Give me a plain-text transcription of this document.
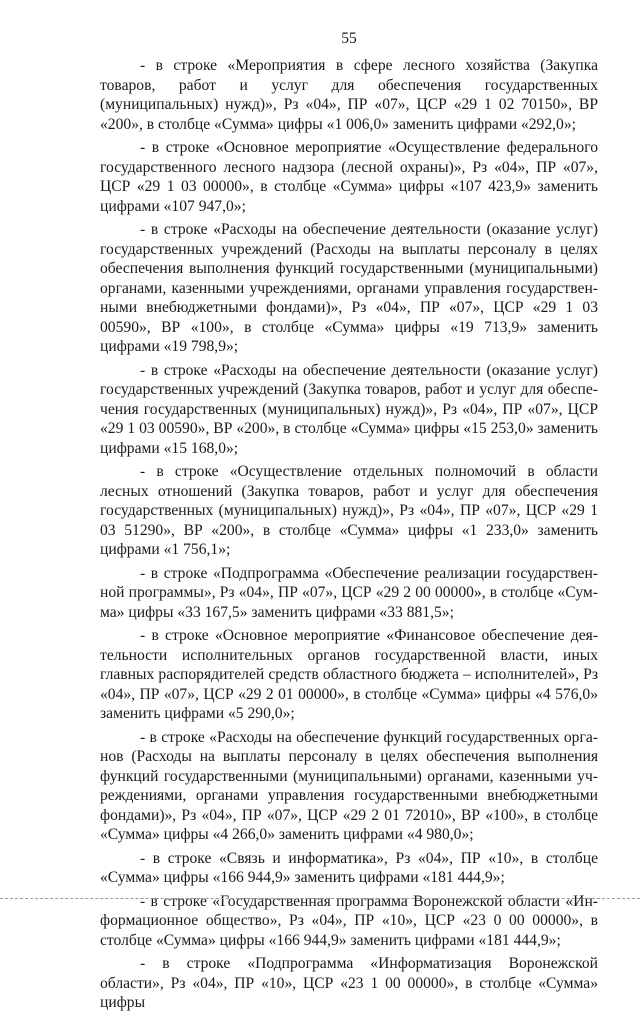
55

- в строке «Мероприятия в сфере лесного хозяйства (Закупка товаров, работ и услуг для обеспечения государственных (муниципальных) нужд)», Рз «04», ПР «07», ЦСР «29 1 02 70150», ВР «200», в столбце «Сумма» цифры «1 006,0» заменить цифрами «292,0»;

- в строке «Основное мероприятие «Осуществление федерального государственного лесного надзора (лесной охраны)», Рз «04», ПР «07», ЦСР «29 1 03 00000», в столбце «Сумма» цифры «107 423,9» заменить цифрами «107 947,0»;

- в строке «Расходы на обеспечение деятельности (оказание услуг) государственных учреждений (Расходы на выплаты персоналу в целях обеспечения выполнения функций государственными (муниципальными) органами, казенными учреждениями, органами управления государственными внебюджетными фондами)», Рз «04», ПР «07», ЦСР «29 1 03 00590», ВР «100», в столбце «Сумма» цифры «19 713,9» заменить цифрами «19 798,9»;

- в строке «Расходы на обеспечение деятельности (оказание услуг) государственных учреждений (Закупка товаров, работ и услуг для обеспечения государственных (муниципальных) нужд)», Рз «04», ПР «07», ЦСР «29 1 03 00590», ВР «200», в столбце «Сумма» цифры «15 253,0» заменить цифрами «15 168,0»;

- в строке «Осуществление отдельных полномочий в области лесных отношений (Закупка товаров, работ и услуг для обеспечения государственных (муниципальных) нужд)», Рз «04», ПР «07», ЦСР «29 1 03 51290», ВР «200», в столбце «Сумма» цифры «1 233,0» заменить цифрами «1 756,1»;

- в строке «Подпрограмма «Обеспечение реализации государственной программы», Рз «04», ПР «07», ЦСР «29 2 00 00000», в столбце «Сумма» цифры «33 167,5» заменить цифрами «33 881,5»;

- в строке «Основное мероприятие «Финансовое обеспечение деятельности исполнительных органов государственной власти, иных главных распорядителей средств областного бюджета – исполнителей», Рз «04», ПР «07», ЦСР «29 2 01 00000», в столбце «Сумма» цифры «4 576,0» заменить цифрами «5 290,0»;

- в строке «Расходы на обеспечение функций государственных органов (Расходы на выплаты персоналу в целях обеспечения выполнения функций государственными (муниципальными) органами, казенными учреждениями, органами управления государственными внебюджетными фондами)», Рз «04», ПР «07», ЦСР «29 2 01 72010», ВР «100», в столбце «Сумма» цифры «4 266,0» заменить цифрами «4 980,0»;

- в строке «Связь и информатика», Рз «04», ПР «10», в столбце «Сумма» цифры «166 944,9» заменить цифрами «181 444,9»;

- в строке «Государственная программа Воронежской области «Информационное общество», Рз «04», ПР «10», ЦСР «23 0 00 00000», в столбце «Сумма» цифры «166 944,9» заменить цифрами «181 444,9»;

- в строке «Подпрограмма «Информатизация Воронежской области», Рз «04», ПР «10», ЦСР «23 1 00 00000», в столбце «Сумма» цифры
